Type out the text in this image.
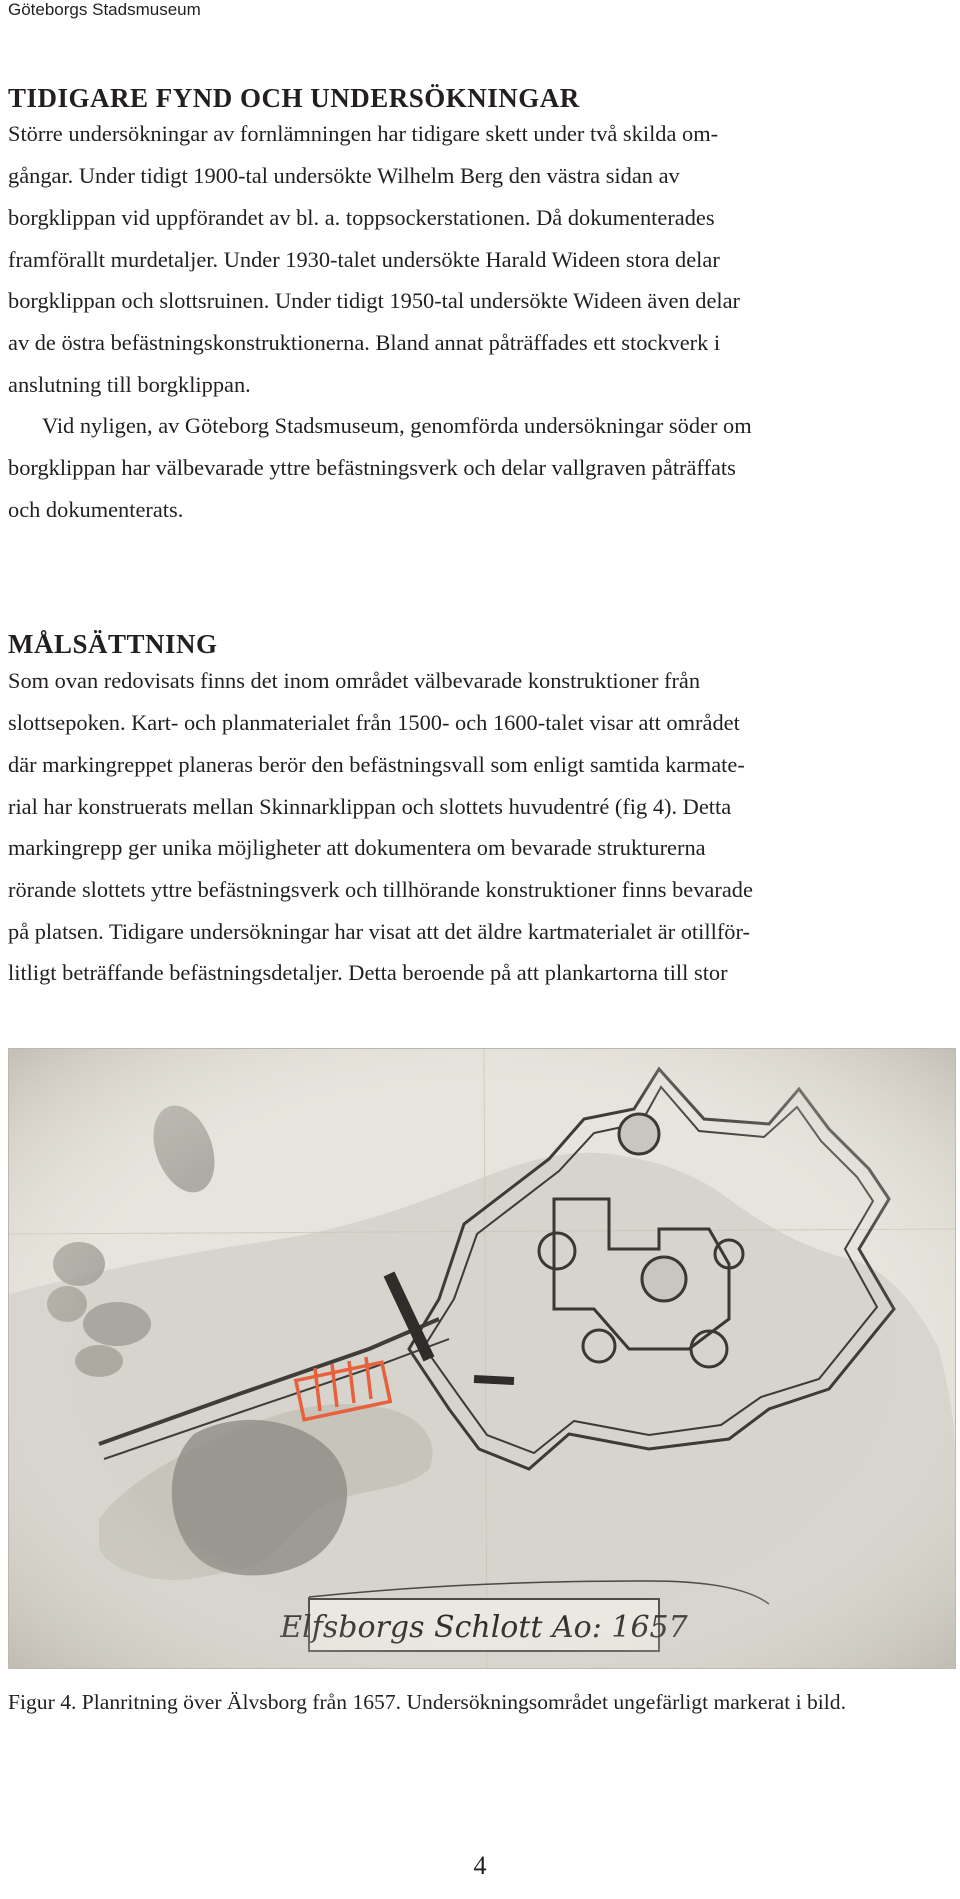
Göteborgs Stadsmuseum
TIDIGARE FYND OCH UNDERSÖKNINGAR

Större undersökningar av fornlämningen har tidigare skett under två skilda om-
gångar. Under tidigt 1900-tal undersökte Wilhelm Berg den västra sidan av
borgklippan vid uppförandet av bl. a. toppsockerstationen. Då dokumenterades
framförallt murdetaljer. Under 1930-talet undersökte Harald Wideen stora delar
borgklippan och slottsruinen. Under tidigt 1950-tal undersökte Wideen även delar
av de östra befästningskonstruktionerna. Bland annat påträffades ett stockverk i
anslutning till borgklippan.

Vid nyligen, av Göteborg Stadsmuseum, genomförda undersökningar söder om
borgklippan har välbevarade yttre befästningsverk och delar vallgraven påträffats
och dokumenterats.

MÅLSÄTTNING

Som ovan redovisats finns det inom området välbevarade konstruktioner från
slottsepoken. Kart- och planmaterialet från 1500- och 1600-talet visar att området
där markingreppet planeras berör den befästningsvall som enligt samtida karmate-
rial har konstruerats mellan Skinnarklippan och slottets huvudentré (fig 4). Detta
markingrepp ger unika möjligheter att dokumentera om bevarade strukturerna
rörande slottets yttre befästningsverk och tillhörande konstruktioner finns bevarade
på platsen. Tidigare undersökningar har visat att det äldre kartmaterialet är otillför-
litligt beträffande befästningsdetaljer. Detta beroende på att plankartorna till stor

Figur 4. Planritning över Älvsborg från 1657. Undersökningsområdet ungefärligt markerat i bild.
4
